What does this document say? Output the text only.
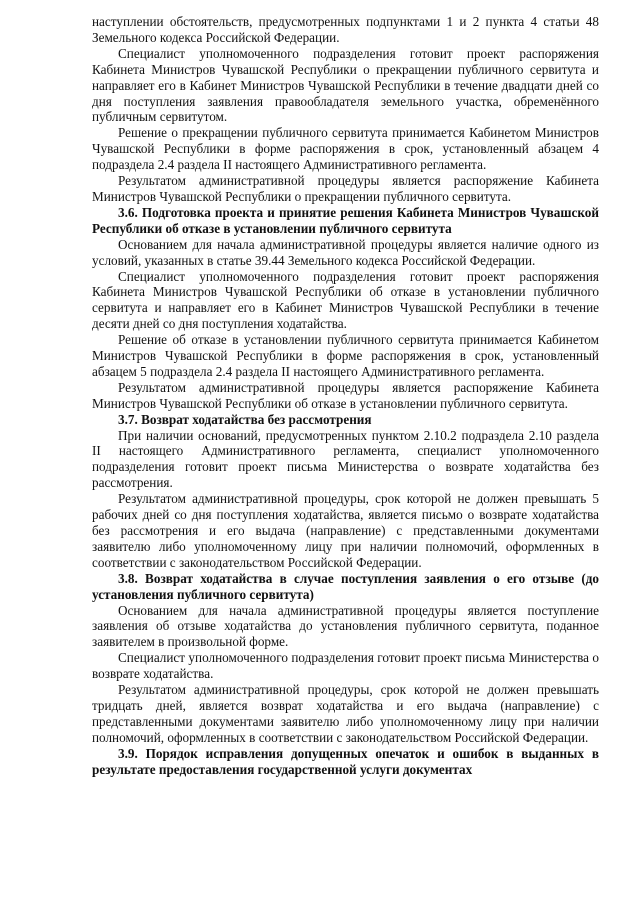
наступлении обстоятельств, предусмотренных подпунктами 1 и 2 пункта 4 статьи 48 Земельного кодекса Российской Федерации.

Специалист уполномоченного подразделения готовит проект распоряжения Кабинета Министров Чувашской Республики о прекращении публичного сервитута и направляет его в Кабинет Министров Чувашской Республики в течение двадцати дней со дня поступления заявления правообладателя земельного участка, обременённого публичным сервитутом.

Решение о прекращении публичного сервитута принимается Кабинетом Министров Чувашской Республики в форме распоряжения в срок, установленный абзацем 4 подраздела 2.4 раздела II настоящего Административного регламента.

Результатом административной процедуры является распоряжение Кабинета Министров Чувашской Республики о прекращении публичного сервитута.

3.6. Подготовка проекта и принятие решения Кабинета Министров Чувашской Республики об отказе в установлении публичного сервитута

Основанием для начала административной процедуры является наличие одного из условий, указанных в статье 39.44 Земельного кодекса Российской Федерации.

Специалист уполномоченного подразделения готовит проект распоряжения Кабинета Министров Чувашской Республики об отказе в установлении публичного сервитута и направляет его в Кабинет Министров Чувашской Республики в течение десяти дней со дня поступления ходатайства.

Решение об отказе в установлении публичного сервитута принимается Кабинетом Министров Чувашской Республики в форме распоряжения в срок, установленный абзацем 5 подраздела 2.4 раздела II настоящего Административного регламента.

Результатом административной процедуры является распоряжение Кабинета Министров Чувашской Республики об отказе в установлении публичного сервитута.

3.7. Возврат ходатайства без рассмотрения

При наличии оснований, предусмотренных пунктом 2.10.2 подраздела 2.10 раздела II настоящего Административного регламента, специалист уполномоченного подразделения готовит проект письма Министерства о возврате ходатайства без рассмотрения.

Результатом административной процедуры, срок которой не должен превышать 5 рабочих дней со дня поступления ходатайства, является письмо о возврате ходатайства без рассмотрения и его выдача (направление) с представленными документами заявителю либо уполномоченному лицу при наличии полномочий, оформленных в соответствии с законодательством Российской Федерации.

3.8. Возврат ходатайства в случае поступления заявления о его отзыве (до установления публичного сервитута)

Основанием для начала административной процедуры является поступление заявления об отзыве ходатайства до установления публичного сервитута, поданное заявителем в произвольной форме.

Специалист уполномоченного подразделения готовит проект письма Министерства о возврате ходатайства.

Результатом административной процедуры, срок которой не должен превышать тридцать дней, является возврат ходатайства и его выдача (направление) с представленными документами заявителю либо уполномоченному лицу при наличии полномочий, оформленных в соответствии с законодательством Российской Федерации.

3.9. Порядок исправления допущенных опечаток и ошибок в выданных в результате предоставления государственной услуги документах
